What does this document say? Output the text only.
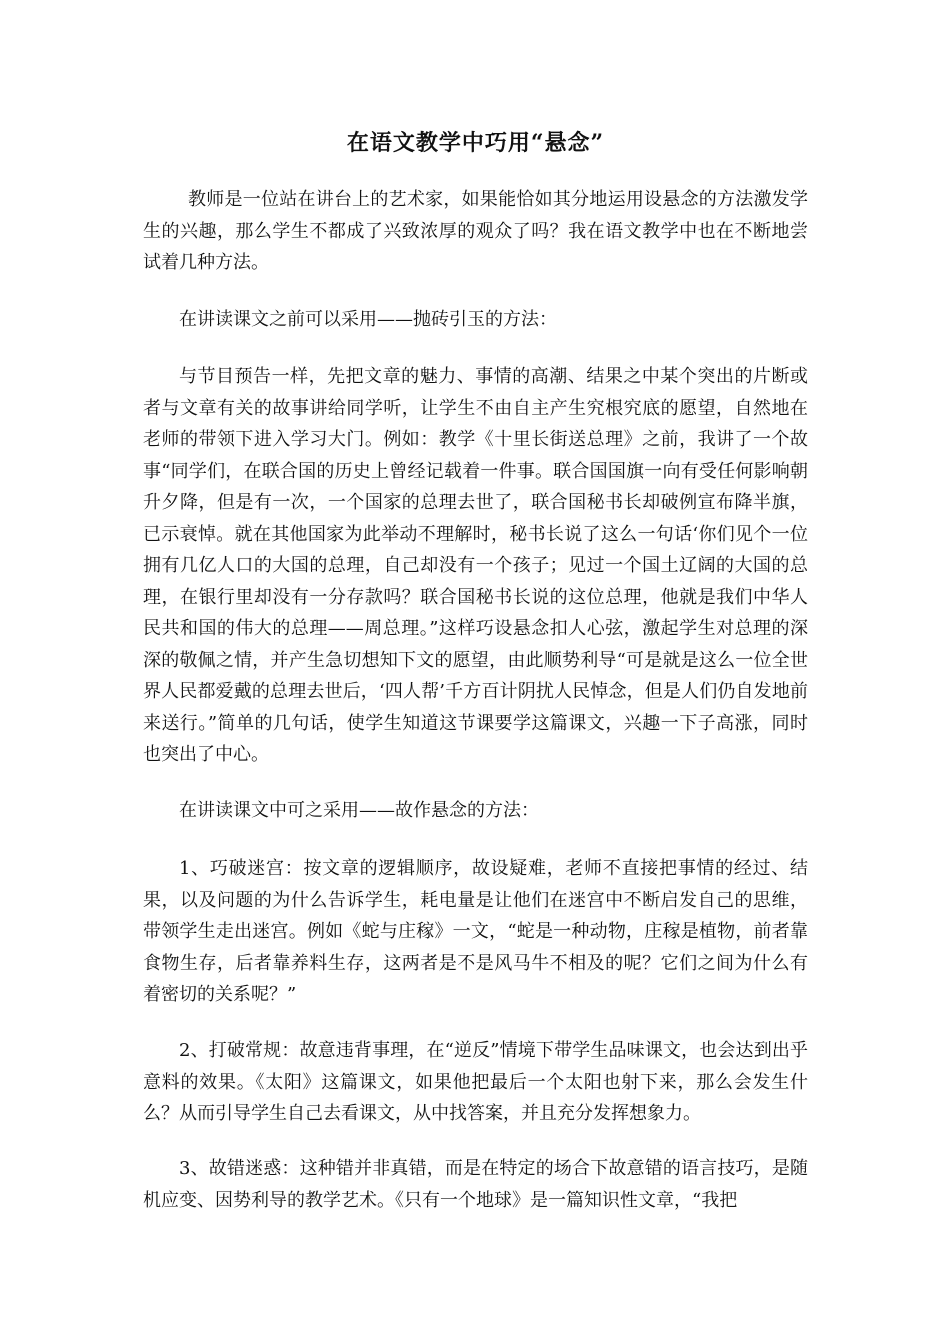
在语文教学中巧用“悬念”

教师是一位站在讲台上的艺术家，如果能恰如其分地运用设悬念的方法激发学生的兴趣，那么学生不都成了兴致浓厚的观众了吗？我在语文教学中也在不断地尝试着几种方法。

在讲读课文之前可以采用——抛砖引玉的方法：

与节目预告一样，先把文章的魅力、事情的高潮、结果之中某个突出的片断或者与文章有关的故事讲给同学听，让学生不由自主产生究根究底的愿望，自然地在老师的带领下进入学习大门。例如：教学《十里长街送总理》之前，我讲了一个故事“同学们，在联合国的历史上曾经记载着一件事。联合国国旗一向有受任何影响朝升夕降，但是有一次，一个国家的总理去世了，联合国秘书长却破例宣布降半旗，已示衰悼。就在其他国家为此举动不理解时，秘书长说了这么一句话‘你们见个一位拥有几亿人口的大国的总理，自己却没有一个孩子；见过一个国土辽阔的大国的总理，在银行里却没有一分存款吗？联合国秘书长说的这位总理，他就是我们中华人民共和国的伟大的总理——周总理。”这样巧设悬念扣人心弦，激起学生对总理的深深的敬佩之情，并产生急切想知下文的愿望，由此顺势利导“可是就是这么一位全世界人民都爱戴的总理去世后，‘四人帮’千方百计阴扰人民悼念，但是人们仍自发地前来送行。”简单的几句话，使学生知道这节课要学这篇课文，兴趣一下子高涨，同时也突出了中心。

在讲读课文中可之采用——故作悬念的方法：

1、巧破迷宫：按文章的逻辑顺序，故设疑难，老师不直接把事情的经过、结果，以及问题的为什么告诉学生，耗电量是让他们在迷宫中不断启发自己的思维，带领学生走出迷宫。例如《蛇与庄稼》一文，“蛇是一种动物，庄稼是植物，前者靠食物生存，后者靠养料生存，这两者是不是风马牛不相及的呢？它们之间为什么有着密切的关系呢？”

2、打破常规：故意违背事理，在“逆反”情境下带学生品味课文，也会达到出乎意料的效果。《太阳》这篇课文，如果他把最后一个太阳也射下来，那么会发生什么？从而引导学生自己去看课文，从中找答案，并且充分发挥想象力。

3、故错迷惑：这种错并非真错，而是在特定的场合下故意错的语言技巧，是随机应变、因势利导的教学艺术。《只有一个地球》是一篇知识性文章，“我把
